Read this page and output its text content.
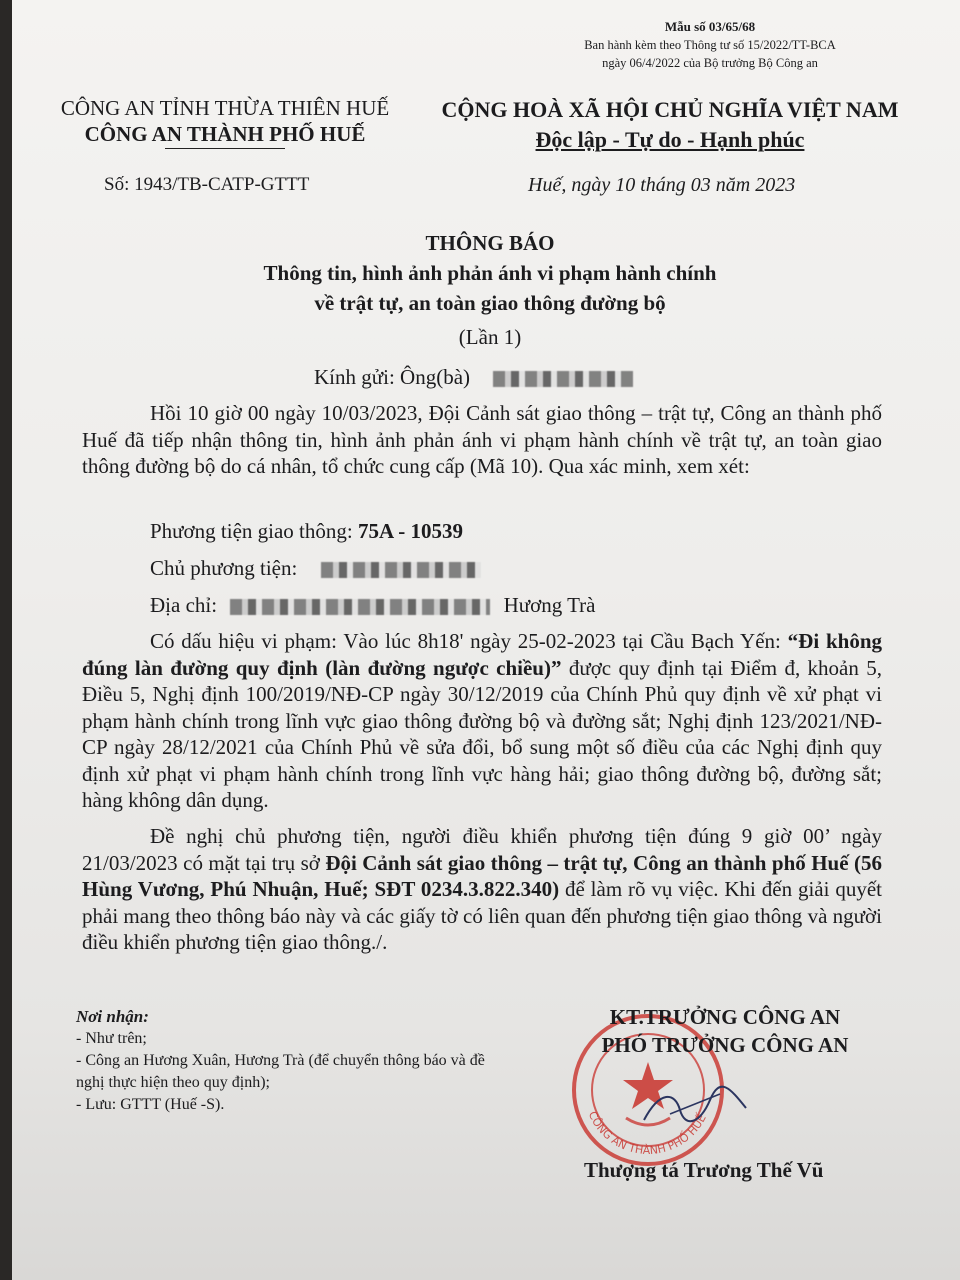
Mẫu số 03/65/68
Ban hành kèm theo Thông tư số 15/2022/TT-BCA
ngày 06/4/2022 của Bộ trưởng Bộ Công an
CÔNG AN TỈNH THỪA THIÊN HUẾ
CÔNG AN THÀNH PHỐ HUẾ
CỘNG HOÀ XÃ HỘI CHỦ NGHĨA VIỆT NAM
Độc lập - Tự do - Hạnh phúc
Số: 1943/TB-CATP-GTTT	Huế, ngày 10 tháng 03 năm 2023
THÔNG BÁO
Thông tin, hình ảnh phản ánh vi phạm hành chính
về trật tự, an toàn giao thông đường bộ
(Lần 1)
Kính gửi: Ông(bà)
Hồi 10 giờ 00 ngày 10/03/2023, Đội Cảnh sát giao thông – trật tự, Công an thành phố Huế đã tiếp nhận thông tin, hình ảnh phản ánh vi phạm hành chính về trật tự, an toàn giao thông đường bộ do cá nhân, tổ chức cung cấp (Mã 10). Qua xác minh, xem xét:
Phương tiện giao thông: 75A - 10539
Chủ phương tiện:
Địa chỉ:	Hương Trà
Có dấu hiệu vi phạm: Vào lúc 8h18' ngày 25-02-2023 tại Cầu Bạch Yến: “Đi không đúng làn đường quy định (làn đường ngược chiều)” được quy định tại Điểm đ, khoản 5, Điều 5, Nghị định 100/2019/NĐ-CP ngày 30/12/2019 của Chính Phủ quy định về xử phạt vi phạm hành chính trong lĩnh vực giao thông đường bộ và đường sắt; Nghị định 123/2021/NĐ-CP ngày 28/12/2021 của Chính Phủ về sửa đổi, bổ sung một số điều của các Nghị định quy định xử phạt vi phạm hành chính trong lĩnh vực hàng hải; giao thông đường bộ, đường sắt; hàng không dân dụng.
Đề nghị chủ phương tiện, người điều khiển phương tiện đúng 9 giờ 00’ ngày 21/03/2023 có mặt tại trụ sở Đội Cảnh sát giao thông – trật tự, Công an thành phố Huế (56 Hùng Vương, Phú Nhuận, Huế; SĐT 0234.3.822.340) để làm rõ vụ việc. Khi đến giải quyết phải mang theo thông báo này và các giấy tờ có liên quan đến phương tiện giao thông và người điều khiển phương tiện giao thông./.
Nơi nhận:
- Như trên;
- Công an Hương Xuân, Hương Trà (để chuyển thông báo và đề nghị thực hiện theo quy định);
- Lưu: GTTT (Huế -S).
CÔNG AN THÀNH PHỐ HUẾ
KT.TRƯỞNG CÔNG AN
PHÓ TRƯỞNG CÔNG AN
Thượng tá Trương Thế Vũ
